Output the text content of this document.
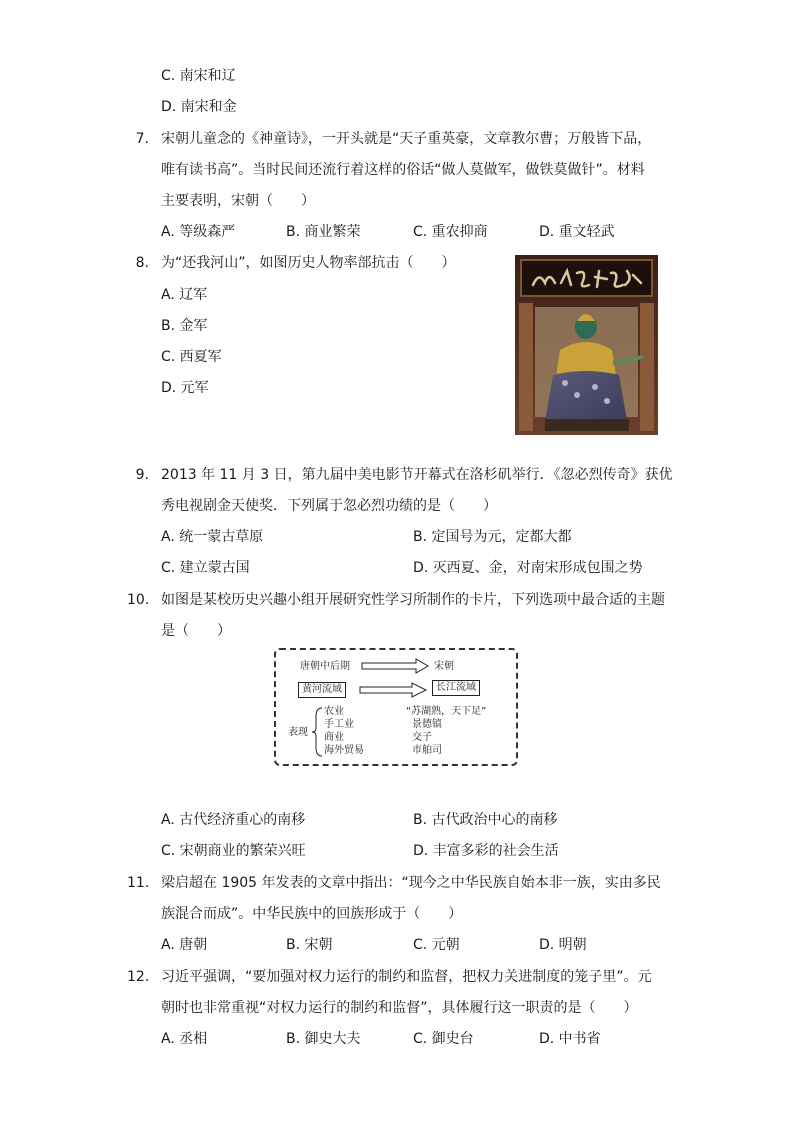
C. 南宋和辽
D. 南宋和金
7. 宋朝儿童念的《神童诗》，一开头就是“天子重英豪，文章教尔曹；万般皆下品，
唯有读书高”。当时民间还流行着这样的俗话“做人莫做军，做铁莫做针”。材料
主要表明，宋朝（　　）
A. 等级森严	B. 商业繁荣	C. 重农抑商	D. 重文轻武
8. 为“还我河山”，如图历史人物率部抗击（　　）
A. 辽军
B. 金军
C. 西夏军
D. 元军
9. 2013 年 11 月 3 日，第九届中美电影节开幕式在洛杉矶举行．《忽必烈传奇》获优
秀电视剧金天使奖．下列属于忽必烈功绩的是（　　）
A. 统一蒙古草原	B. 定国号为元，定都大都
C. 建立蒙古国	D. 灭西夏、金，对南宋形成包围之势
10. 如图是某校历史兴趣小组开展研究性学习所制作的卡片，下列选项中最合适的主题
是（　　）
唐朝中后期	宋朝
黄河流域	长江流域
表现
农业
手工业
商业
海外贸易
“苏湖熟，天下足”
景德镇
交子
市舶司
A. 古代经济重心的南移	B. 古代政治中心的南移
C. 宋朝商业的繁荣兴旺	D. 丰富多彩的社会生活
11. 梁启超在 1905 年发表的文章中指出：“现今之中华民族自始本非一族，实由多民
族混合而成”。中华民族中的回族形成于（　　）
A. 唐朝	B. 宋朝	C. 元朝	D. 明朝
12. 习近平强调，“要加强对权力运行的制约和监督，把权力关进制度的笼子里”。元
朝时也非常重视“对权力运行的制约和监督”，具体履行这一职责的是（　　）
A. 丞相	B. 御史大夫	C. 御史台	D. 中书省
